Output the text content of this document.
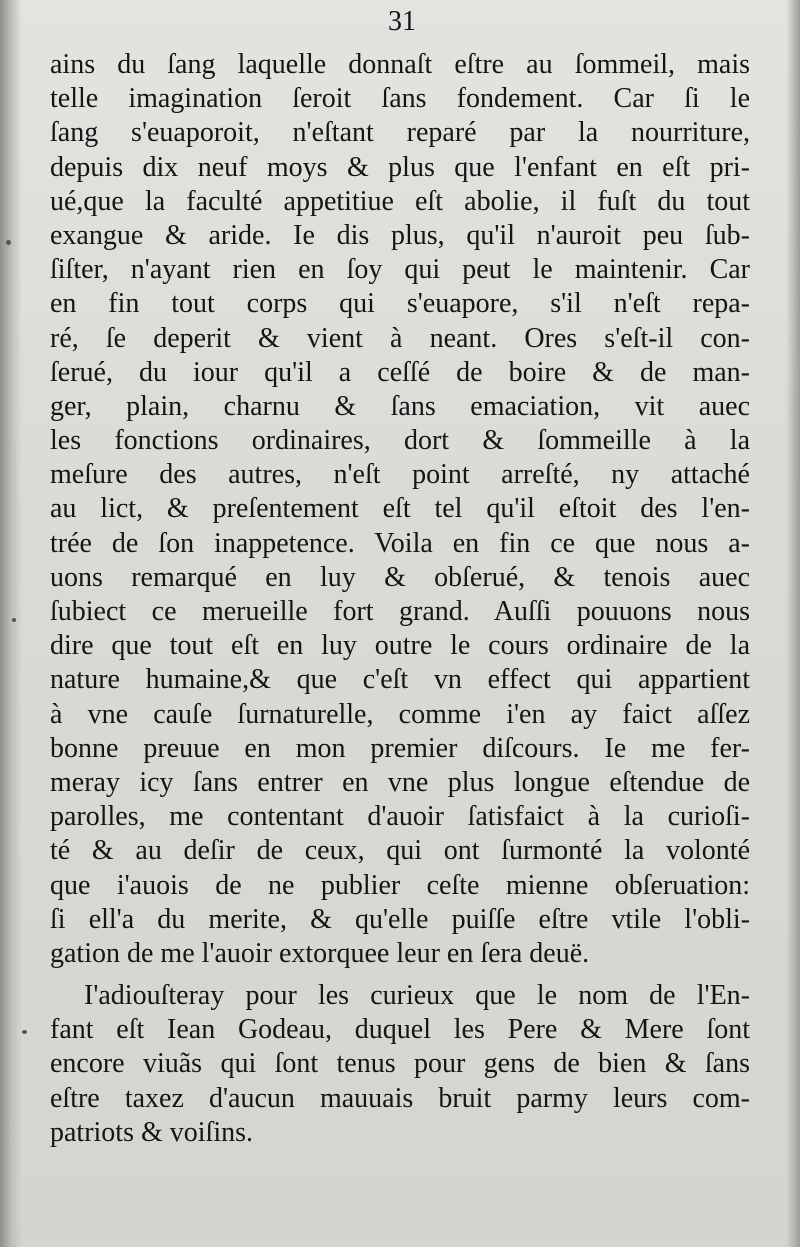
31
ains du ſang laquelle donnaſt eſtre au ſommeil, mais
telle imagination ſeroit ſans fondement. Car ſi le
ſang s'euaporoit, n'eſtant reparé par la nourriture,
depuis dix neuf moys & plus que l'enfant en eſt pri-
ué,que la faculté appetitiue eſt abolie, il fuſt du tout
exangue & aride. Ie dis plus, qu'il n'auroit peu ſub-
ſiſter, n'ayant rien en ſoy qui peut le maintenir. Car
en fin tout corps qui s'euapore, s'il n'eſt repa-
ré, ſe deperit & vient à neant. Ores s'eſt-il con-
ſerué, du iour qu'il a ceſſé de boire & de man-
ger, plain, charnu & ſans emaciation, vit auec
les fonctions ordinaires, dort & ſommeille à la
meſure des autres, n'eſt point arreſté, ny attaché
au lict, & preſentement eſt tel qu'il eſtoit des l'en-
trée de ſon inappetence. Voila en fin ce que nous a-
uons remarqué en luy & obſerué, & tenois auec
ſubiect ce merueille fort grand. Auſſi pouuons nous
dire que tout eſt en luy outre le cours ordinaire de la
nature humaine,& que c'eſt vn effect qui appartient
à vne cauſe ſurnaturelle, comme i'en ay faict aſſez
bonne preuue en mon premier diſcours. Ie me fer-
meray icy ſans entrer en vne plus longue eſtendue de
parolles, me contentant d'auoir ſatisfaict à la curioſi-
té & au deſir de ceux, qui ont ſurmonté la volonté
que i'auois de ne publier ceſte mienne obſeruation:
ſi ell'a du merite, & qu'elle puiſſe eſtre vtile l'obli-
gation de me l'auoir extorquee leur en ſera deuë.
I'adiouſteray pour les curieux que le nom de l'En-
fant eſt Iean Godeau, duquel les Pere & Mere ſont
encore viuãs qui ſont tenus pour gens de bien & ſans
eſtre taxez d'aucun mauuais bruit parmy leurs com-
patriots & voiſins.
